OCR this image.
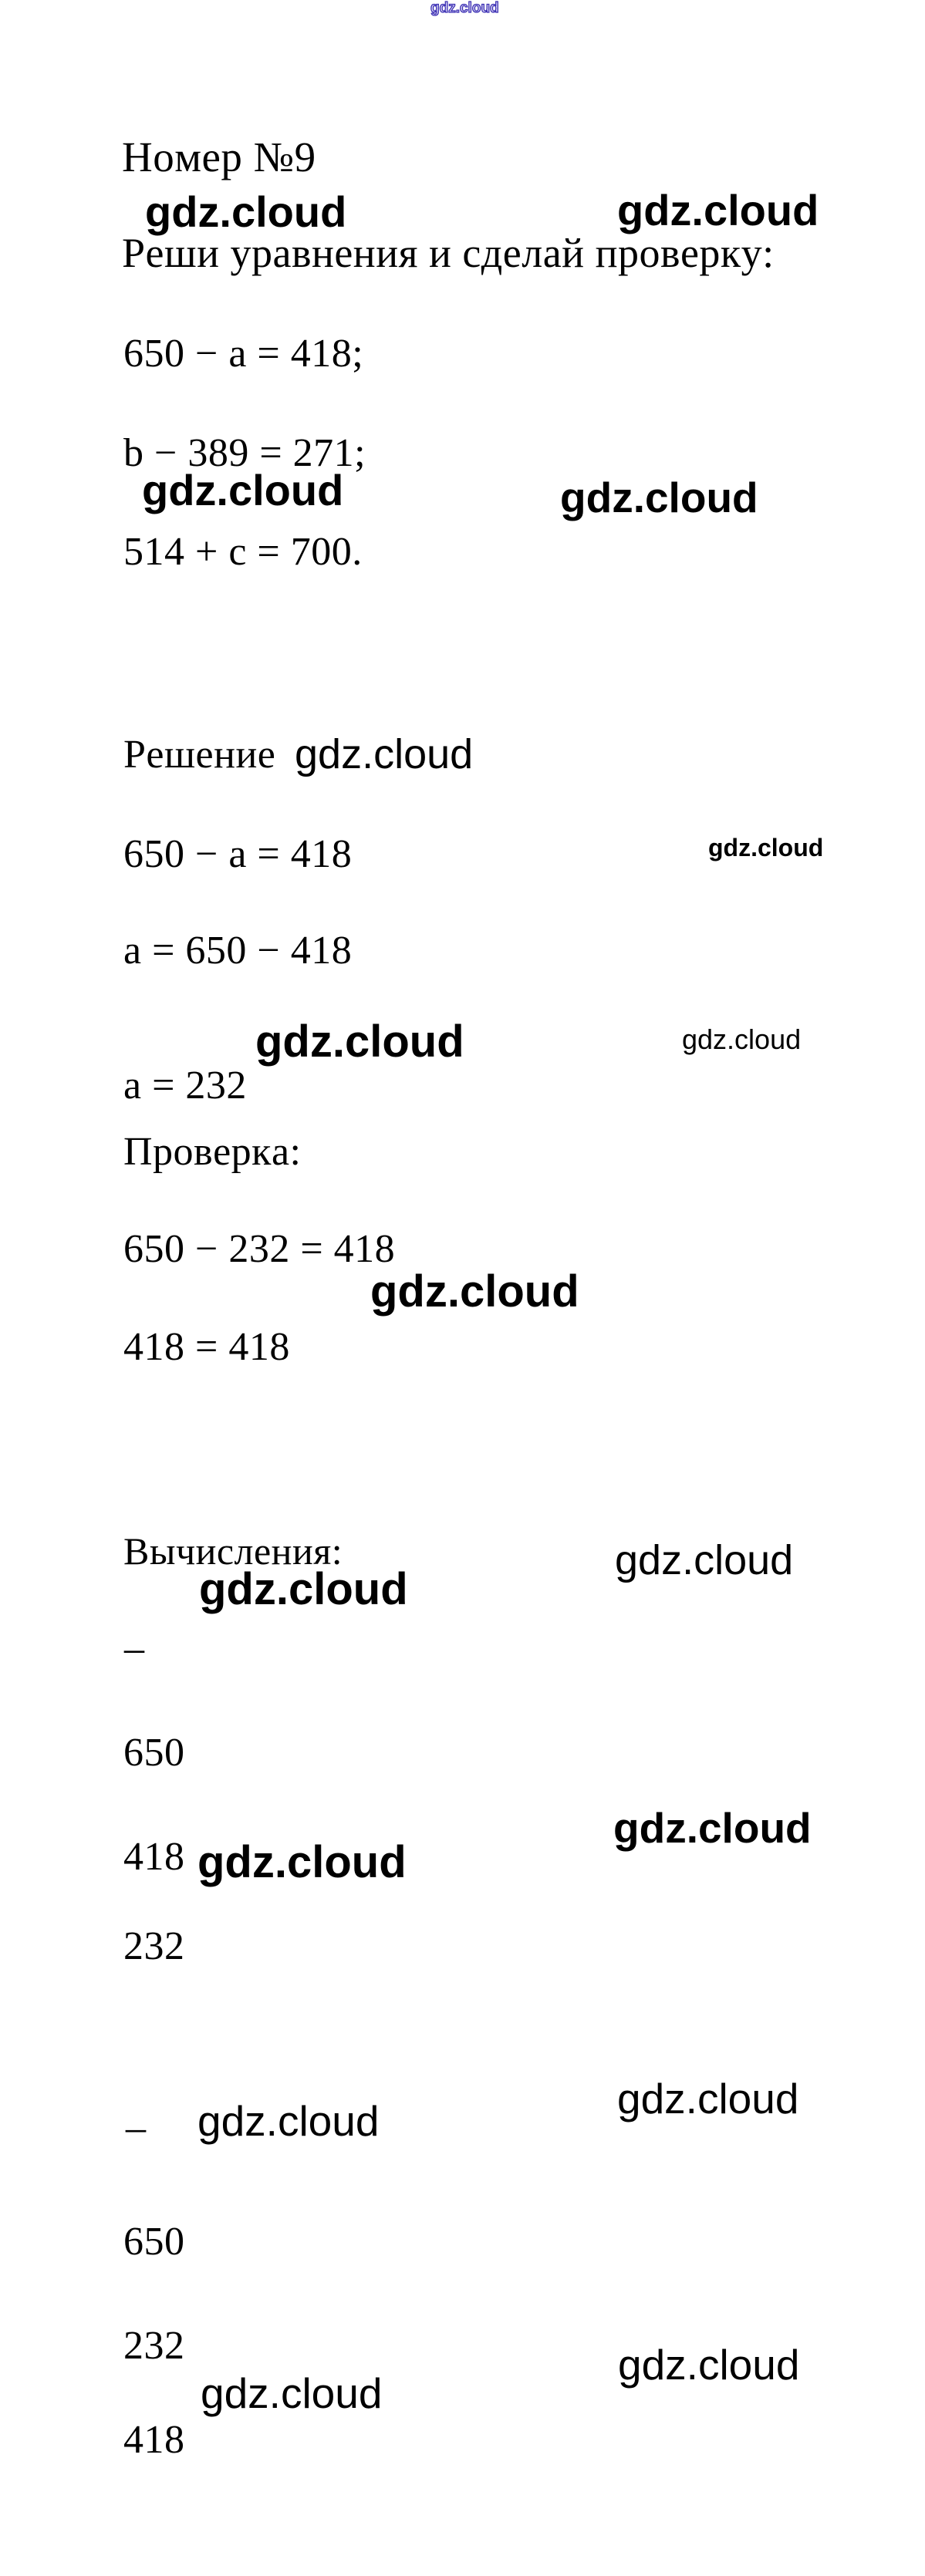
gdz.cloud
Номер №9
gdz.cloud	gdz.cloud
Реши уравнения и сделай проверку:
650 − a = 418;
b − 389 = 271;
gdz.cloud	gdz.cloud
514 + c = 700.
Решение gdz.cloud
650 − a = 418	gdz.cloud
a = 650 − 418
a = 232
gdz.cloud	gdz.cloud
Проверка:
650 − 232 = 418
gdz.cloud
418 = 418
Вычисления:
gdz.cloud
gdz.cloud
–
650
418 gdz.cloud
gdz.cloud
232
_ gdz.cloud	gdz.cloud
650
232
gdz.cloud
gdz.cloud
418
